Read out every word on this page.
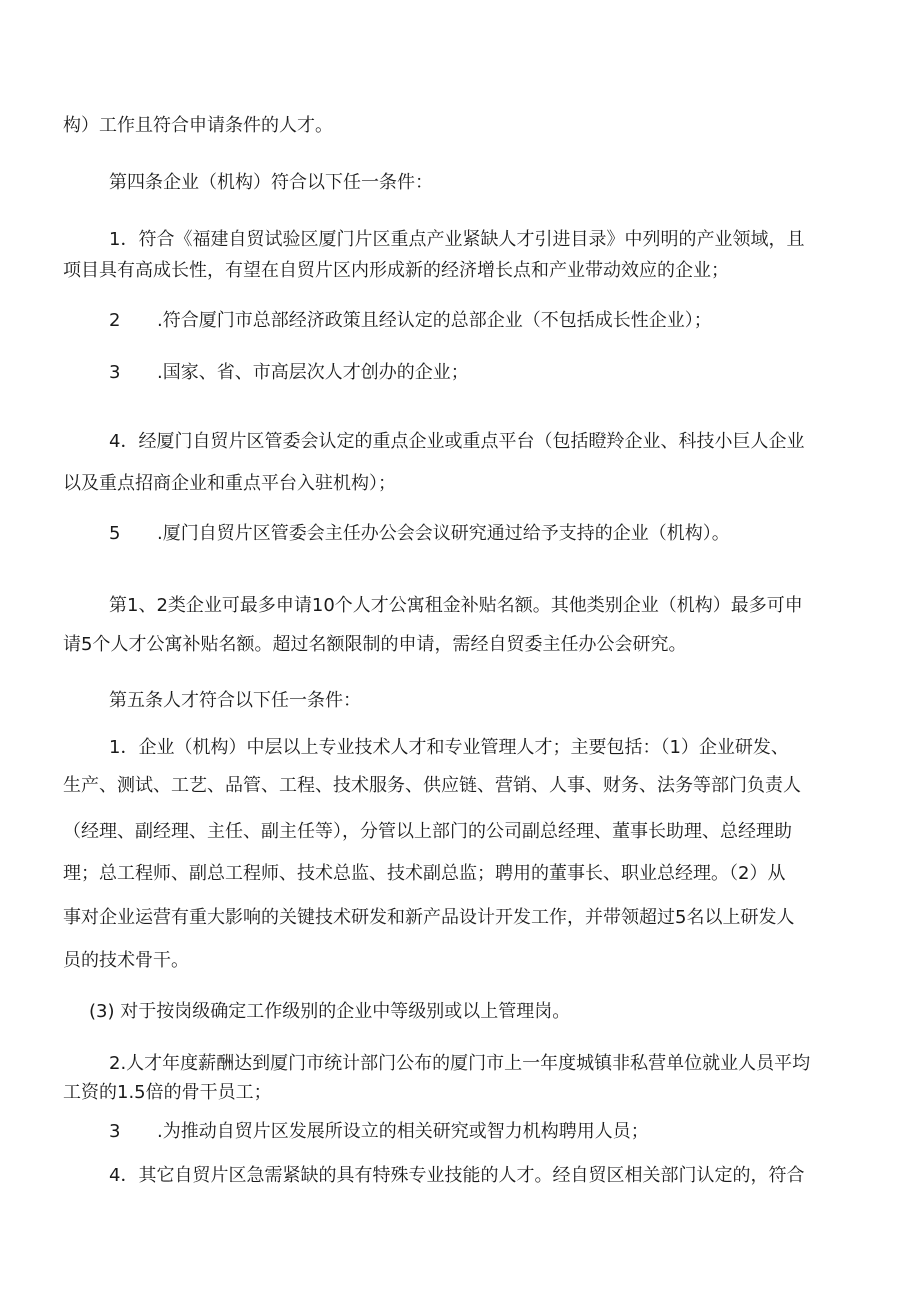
构）工作且符合申请条件的人才。
第四条企业（机构）符合以下任一条件：
1．符合《福建自贸试验区厦门片区重点产业紧缺人才引进目录》中列明的产业领域，且
项目具有高成长性，有望在自贸片区内形成新的经济增长点和产业带动效应的企业；
2 .符合厦门市总部经济政策且经认定的总部企业（不包括成长性企业）；
3 .国家、省、市高层次人才创办的企业；
4．经厦门自贸片区管委会认定的重点企业或重点平台（包括瞪羚企业、科技小巨人企业
以及重点招商企业和重点平台入驻机构）；
5 .厦门自贸片区管委会主任办公会会议研究通过给予支持的企业（机构）。
第1、2类企业可最多申请10个人才公寓租金补贴名额。其他类别企业（机构）最多可申
请5个人才公寓补贴名额。超过名额限制的申请，需经自贸委主任办公会研究。
第五条人才符合以下任一条件：
1．企业（机构）中层以上专业技术人才和专业管理人才；主要包括：（1）企业研发、
生产、测试、工艺、品管、工程、技术服务、供应链、营销、人事、财务、法务等部门负责人
（经理、副经理、主任、副主任等），分管以上部门的公司副总经理、董事长助理、总经理助
理；总工程师、副总工程师、技术总监、技术副总监；聘用的董事长、职业总经理。（2）从
事对企业运营有重大影响的关键技术研发和新产品设计开发工作，并带领超过5名以上研发人
员的技术骨干。
(3) 对于按岗级确定工作级别的企业中等级别或以上管理岗。
2.人才年度薪酬达到厦门市统计部门公布的厦门市上一年度城镇非私营单位就业人员平均
工资的1.5倍的骨干员工；
3 .为推动自贸片区发展所设立的相关研究或智力机构聘用人员；
4．其它自贸片区急需紧缺的具有特殊专业技能的人才。经自贸区相关部门认定的，符合
